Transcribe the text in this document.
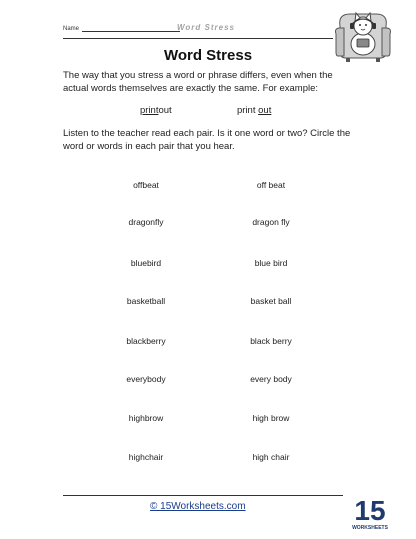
Name	Word Stress
Word Stress
The way that you stress a word or phrase differs, even when the actual words themselves are exactly the same. For example:
printout	print out
Listen to the teacher read each pair. Is it one word or two? Circle the word or words in each pair that you hear.
offbeat	off beat
dragonfly	dragon fly
bluebird	blue bird
basketball	basket ball
blackberry	black berry
everybody	every body
highbrow	high brow
highchair	high chair
© 15Worksheets.com	15
WORKSHEETS
